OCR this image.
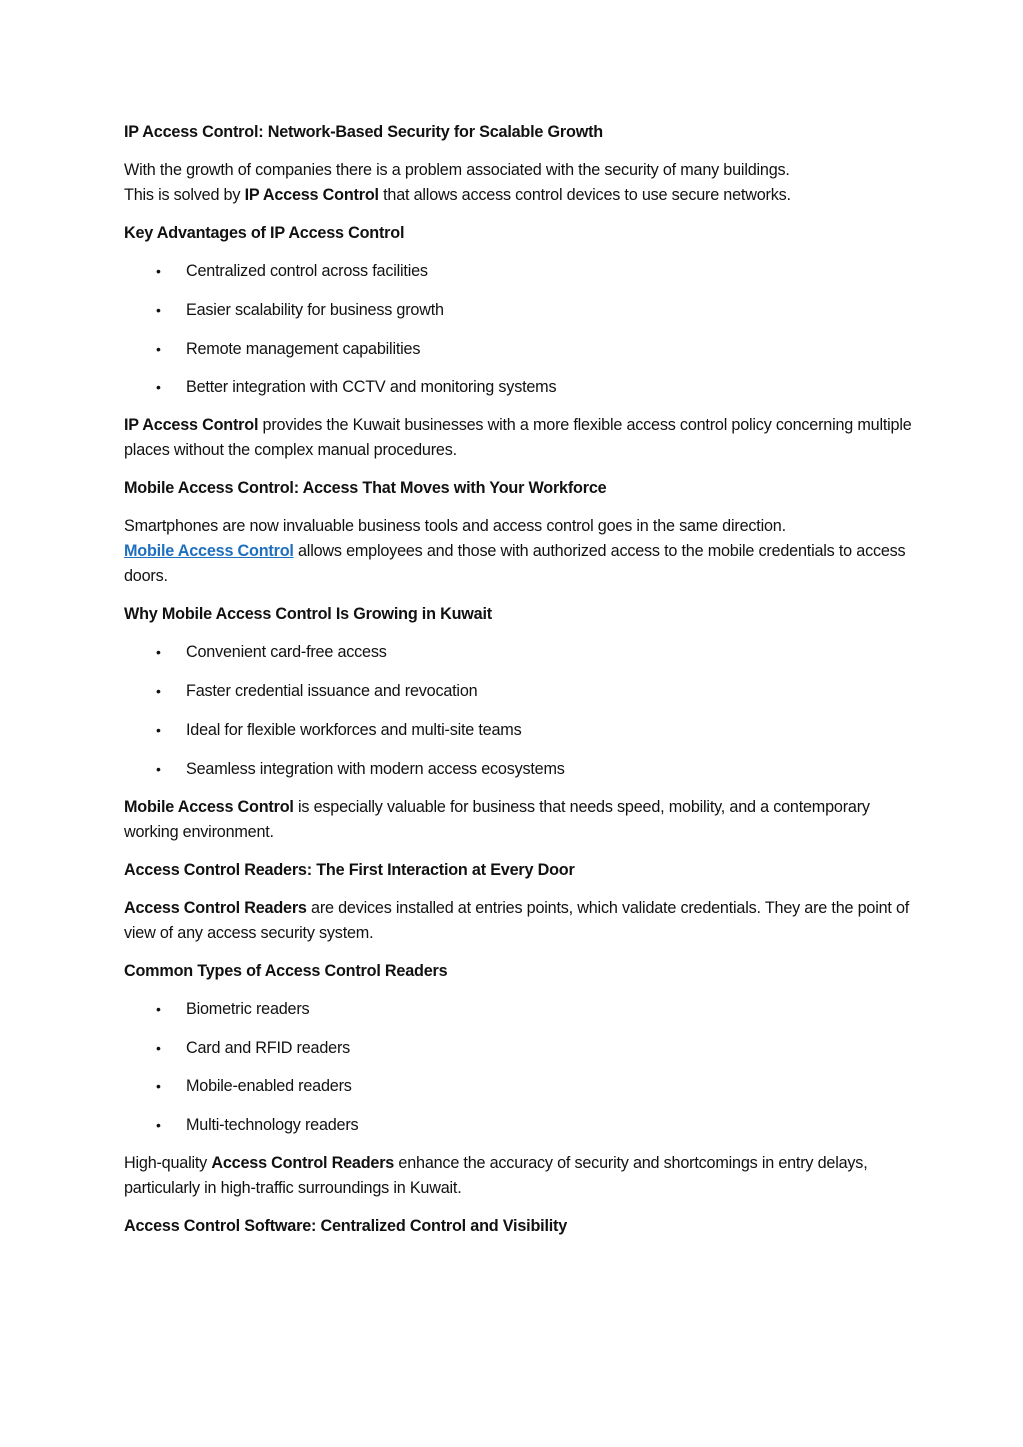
IP Access Control: Network-Based Security for Scalable Growth

With the growth of companies there is a problem associated with the security of many buildings.
This is solved by IP Access Control that allows access control devices to use secure networks.

Key Advantages of IP Access Control

• Centralized control across facilities
• Easier scalability for business growth
• Remote management capabilities
• Better integration with CCTV and monitoring systems

IP Access Control provides the Kuwait businesses with a more flexible access control policy concerning multiple places without the complex manual procedures.

Mobile Access Control: Access That Moves with Your Workforce

Smartphones are now invaluable business tools and access control goes in the same direction.
Mobile Access Control allows employees and those with authorized access to the mobile credentials to access doors.

Why Mobile Access Control Is Growing in Kuwait

• Convenient card-free access
• Faster credential issuance and revocation
• Ideal for flexible workforces and multi-site teams
• Seamless integration with modern access ecosystems

Mobile Access Control is especially valuable for business that needs speed, mobility, and a contemporary working environment.

Access Control Readers: The First Interaction at Every Door

Access Control Readers are devices installed at entries points, which validate credentials. They are the point of view of any access security system.

Common Types of Access Control Readers

• Biometric readers
• Card and RFID readers
• Mobile-enabled readers
• Multi-technology readers

High-quality Access Control Readers enhance the accuracy of security and shortcomings in entry delays, particularly in high-traffic surroundings in Kuwait.

Access Control Software: Centralized Control and Visibility
